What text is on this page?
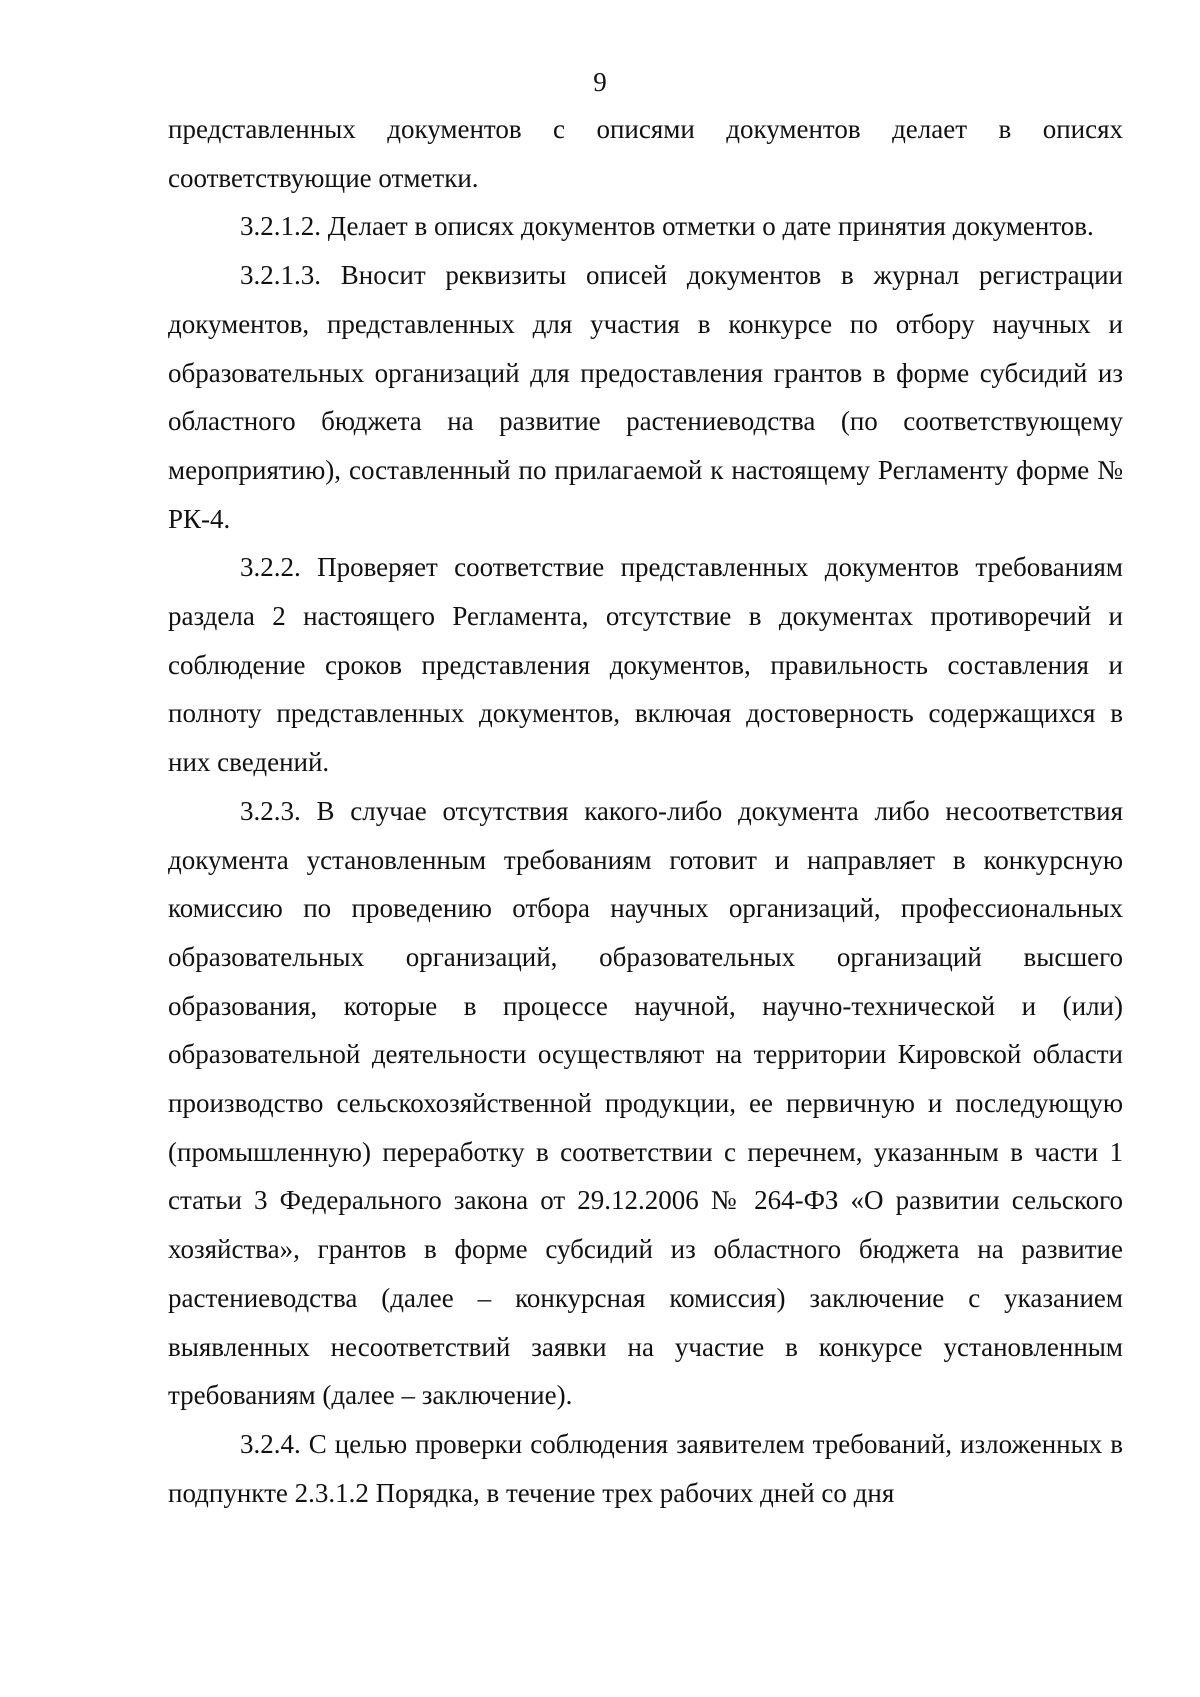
9

представленных документов с описями документов делает в описях соответствующие отметки.

3.2.1.2. Делает в описях документов отметки о дате принятия документов.

3.2.1.3. Вносит реквизиты описей документов в журнал регистрации документов, представленных для участия в конкурсе по отбору научных и образовательных организаций для предоставления грантов в форме субсидий из областного бюджета на развитие растениеводства (по соответствующему мероприятию), составленный по прилагаемой к настоящему Регламенту форме № РК-4.

3.2.2. Проверяет соответствие представленных документов требованиям раздела 2 настоящего Регламента, отсутствие в документах противоречий и соблюдение сроков представления документов, правильность составления и полноту представленных документов, включая достоверность содержащихся в них сведений.

3.2.3. В случае отсутствия какого-либо документа либо несоответствия документа установленным требованиям готовит и направляет в конкурсную комиссию по проведению отбора научных организаций, профессиональных образовательных организаций, образовательных организаций высшего образования, которые в процессе научной, научно-технической и (или) образовательной деятельности осуществляют на территории Кировской области производство сельскохозяйственной продукции, ее первичную и последующую (промышленную) переработку в соответствии с перечнем, указанным в части 1 статьи 3 Федерального закона от 29.12.2006 № 264-ФЗ «О развитии сельского хозяйства», грантов в форме субсидий из областного бюджета на развитие растениеводства (далее – конкурсная комиссия) заключение с указанием выявленных несоответствий заявки на участие в конкурсе установленным требованиям (далее – заключение).

3.2.4. С целью проверки соблюдения заявителем требований, изложенных в подпункте 2.3.1.2 Порядка, в течение трех рабочих дней со дня
